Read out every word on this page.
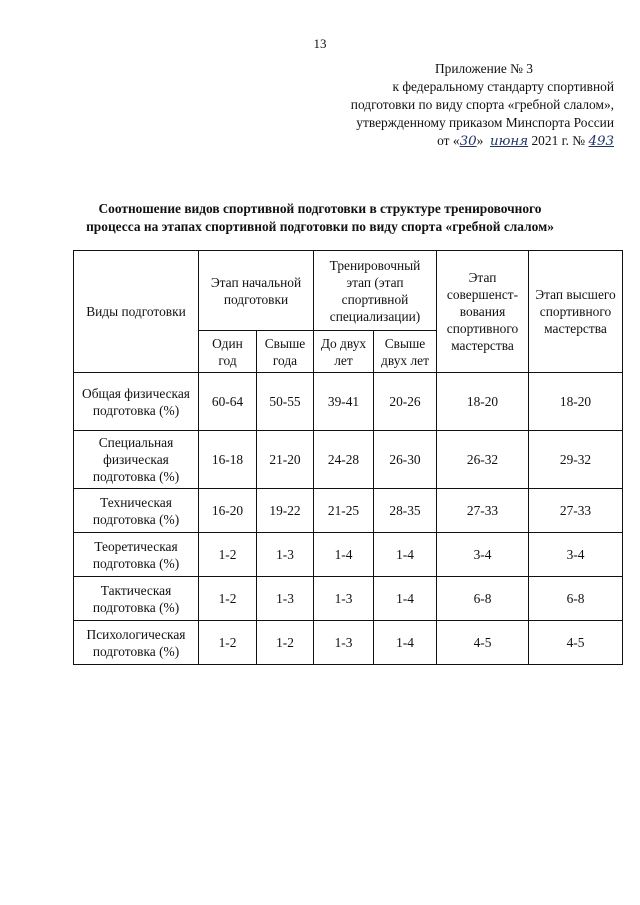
13
Приложение № 3
к федеральному стандарту спортивной
подготовки по виду спорта «гребной слалом»,
утвержденному приказом Минспорта России
от «30» июня 2021 г. № 493
Соотношение видов спортивной подготовки в структуре тренировочного
процесса на этапах спортивной подготовки по виду спорта «гребной слалом»
Виды подготовки	Этап начальной подготовки		Тренировочный этап (этап спортивной специализации)		Этап совершенст-вования спортивного мастерства	Этап высшего спортивного мастерства
	Один год	Свыше года	До двух лет	Свыше двух лет		
Общая физическая подготовка (%)	60-64	50-55	39-41	20-26	18-20	18-20
Специальная физическая подготовка (%)	16-18	21-20	24-28	26-30	26-32	29-32
Техническая подготовка (%)	16-20	19-22	21-25	28-35	27-33	27-33
Теоретическая подготовка (%)	1-2	1-3	1-4	1-4	3-4	3-4
Тактическая подготовка (%)	1-2	1-3	1-3	1-4	6-8	6-8
Психологическая подготовка (%)	1-2	1-2	1-3	1-4	4-5	4-5
